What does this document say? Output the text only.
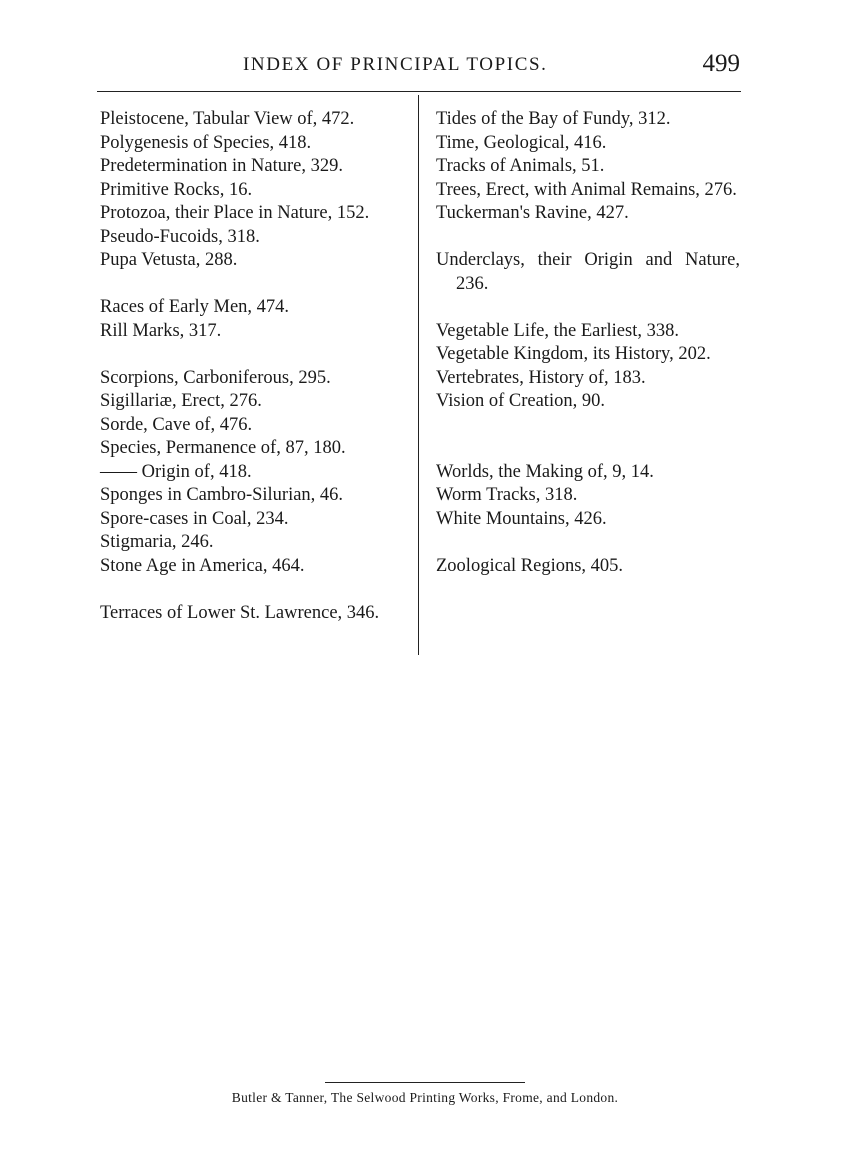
INDEX OF PRINCIPAL TOPICS.	499
Pleistocene, Tabular View of, 472.
Polygenesis of Species, 418.
Predetermination in Nature, 329.
Primitive Rocks, 16.
Protozoa, their Place in Nature, 152.
Pseudo-Fucoids, 318.
Pupa Vetusta, 288.
Races of Early Men, 474.
Rill Marks, 317.
Scorpions, Carboniferous, 295.
Sigillariæ, Erect, 276.
Sorde, Cave of, 476.
Species, Permanence of, 87, 180.
—— Origin of, 418.
Sponges in Cambro-Silurian, 46.
Spore-cases in Coal, 234.
Stigmaria, 246.
Stone Age in America, 464.
Terraces of Lower St. Lawrence, 346.
Tides of the Bay of Fundy, 312.
Time, Geological, 416.
Tracks of Animals, 51.
Trees, Erect, with Animal Remains, 276.
Tuckerman's Ravine, 427.
Underclays, their Origin and Nature, 236.
Vegetable Life, the Earliest, 338.
Vegetable Kingdom, its History, 202.
Vertebrates, History of, 183.
Vision of Creation, 90.
Worlds, the Making of, 9, 14.
Worm Tracks, 318.
White Mountains, 426.
Zoological Regions, 405.
Butler & Tanner, The Selwood Printing Works, Frome, and London.
